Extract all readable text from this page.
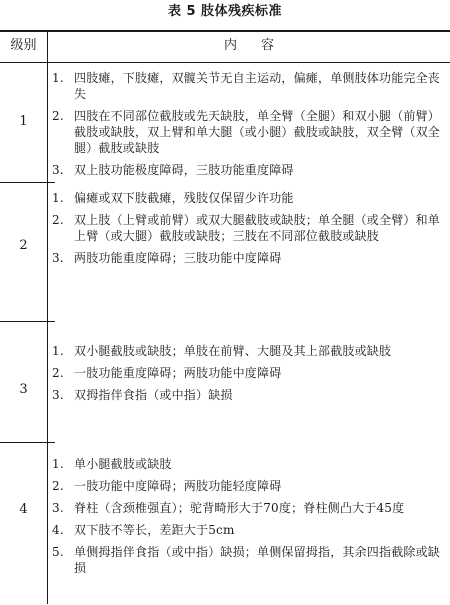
表 5 肢体残疾标准
级别	内容
1
1. 四肢瘫，下肢瘫，双髋关节无自主运动，偏瘫，单侧肢体功能完全丧失
2. 四肢在不同部位截肢或先天缺肢，单全臂（全腿）和双小腿（前臂）截肢或缺肢，双上臂和单大腿（或小腿）截肢或缺肢，双全臂（双全腿）截肢或缺肢
3. 双上肢功能极度障碍，三肢功能重度障碍
2
1. 偏瘫或双下肢截瘫，残肢仅保留少许功能
2. 双上肢（上臂或前臂）或双大腿截肢或缺肢；单全腿（或全臂）和单上臂（或大腿）截肢或缺肢；三肢在不同部位截肢或缺肢
3. 两肢功能重度障碍；三肢功能中度障碍
3
1. 双小腿截肢或缺肢；单肢在前臂、大腿及其上部截肢或缺肢
2. 一肢功能重度障碍；两肢功能中度障碍
3. 双拇指伴食指（或中指）缺损
4
1. 单小腿截肢或缺肢
2. 一肢功能中度障碍；两肢功能轻度障碍
3. 脊柱（含颈椎强直）；驼背畸形大于70度；脊柱侧凸大于45度
4. 双下肢不等长，差距大于5cm
5. 单侧拇指伴食指（或中指）缺损；单侧保留拇指，其余四指截除或缺损
